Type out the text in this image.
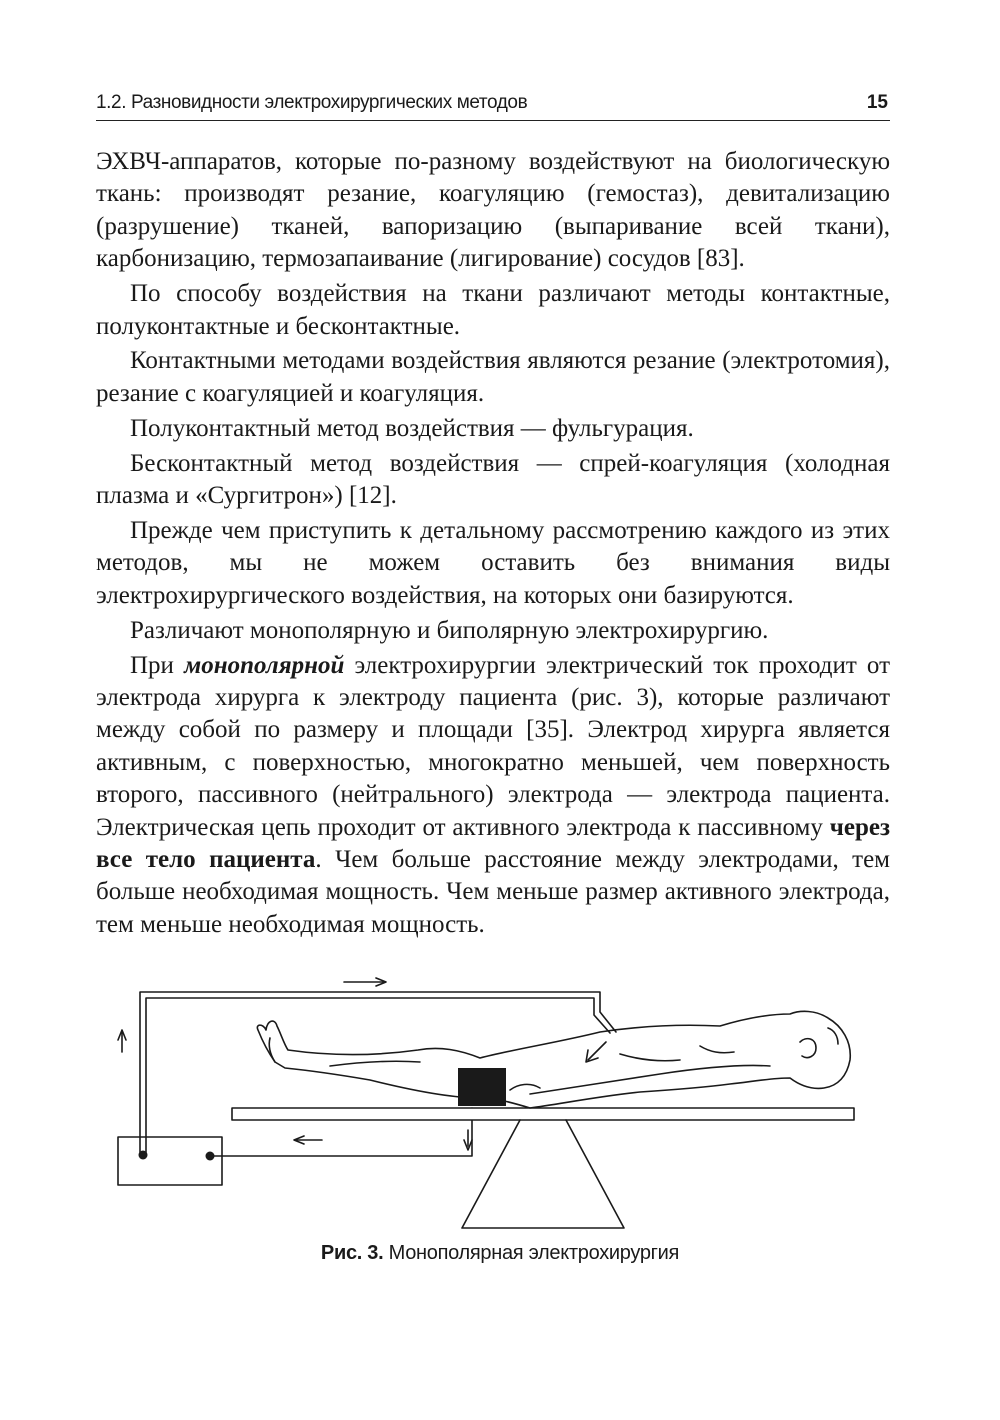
1.2. Разновидности электрохирургических методов	15

ЭХВЧ-аппаратов, которые по-разному воздействуют на биологическую ткань: производят резание, коагуляцию (гемостаз), девитализацию (разрушение) тканей, вапоризацию (выпаривание всей ткани), карбонизацию, термозапаивание (лигирование) сосудов [83].

По способу воздействия на ткани различают методы контактные, полуконтактные и бесконтактные.

Контактными методами воздействия являются резание (электротомия), резание с коагуляцией и коагуляция.

Полуконтактный метод воздействия — фульгурация.

Бесконтактный метод воздействия — спрей-коагуляция (холодная плазма и «Сургитрон») [12].

Прежде чем приступить к детальному рассмотрению каждого из этих методов, мы не можем оставить без внимания виды электрохирургического воздействия, на которых они базируются.

Различают монополярную и биполярную электрохирургию.

При монополярной электрохирургии электрический ток проходит от электрода хирурга к электроду пациента (рис. 3), которые различают между собой по размеру и площади [35]. Электрод хирурга является активным, с поверхностью, многократно меньшей, чем поверхность второго, пассивного (нейтрального) электрода — электрода пациента. Электрическая цепь проходит от активного электрода к пассивному через все тело пациента. Чем больше расстояние между электродами, тем больше необходимая мощность. Чем меньше размер активного электрода, тем меньше необходимая мощность.

Рис. 3. Монополярная электрохирургия
